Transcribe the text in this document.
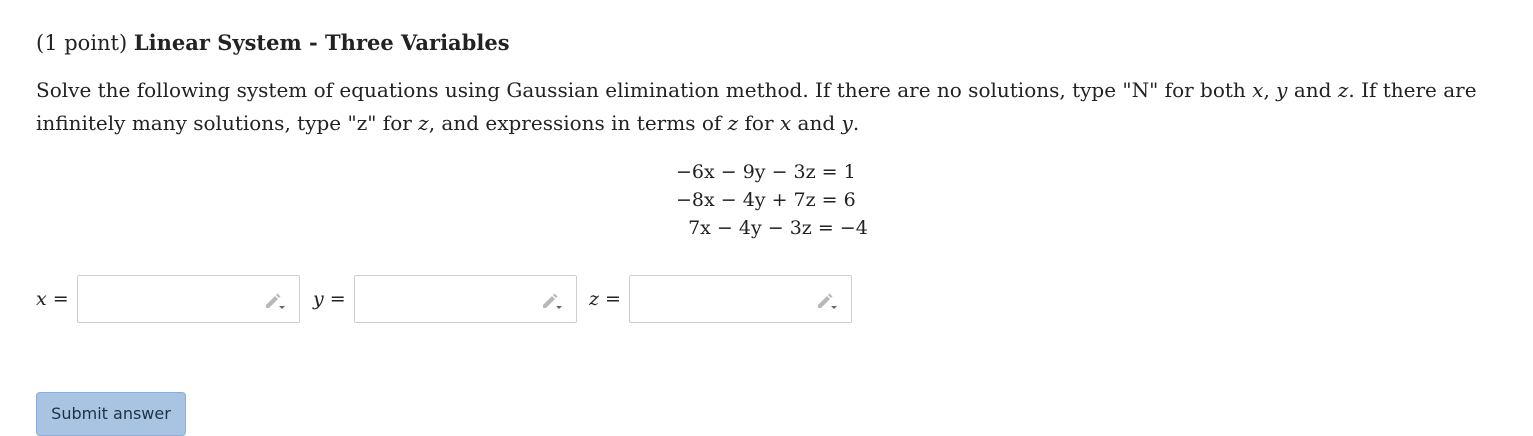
(1 point) Linear System - Three Variables
Solve the following system of equations using Gaussian elimination method. If there are no solutions, type "N" for both x, y and z. If there are infinitely many solutions, type "z" for z, and expressions in terms of z for x and y.
−6x − 9y − 3z = 1
−8x − 4y + 7z = 6
7x − 4y − 3z = −4
x =	y =	z =
Submit answer
